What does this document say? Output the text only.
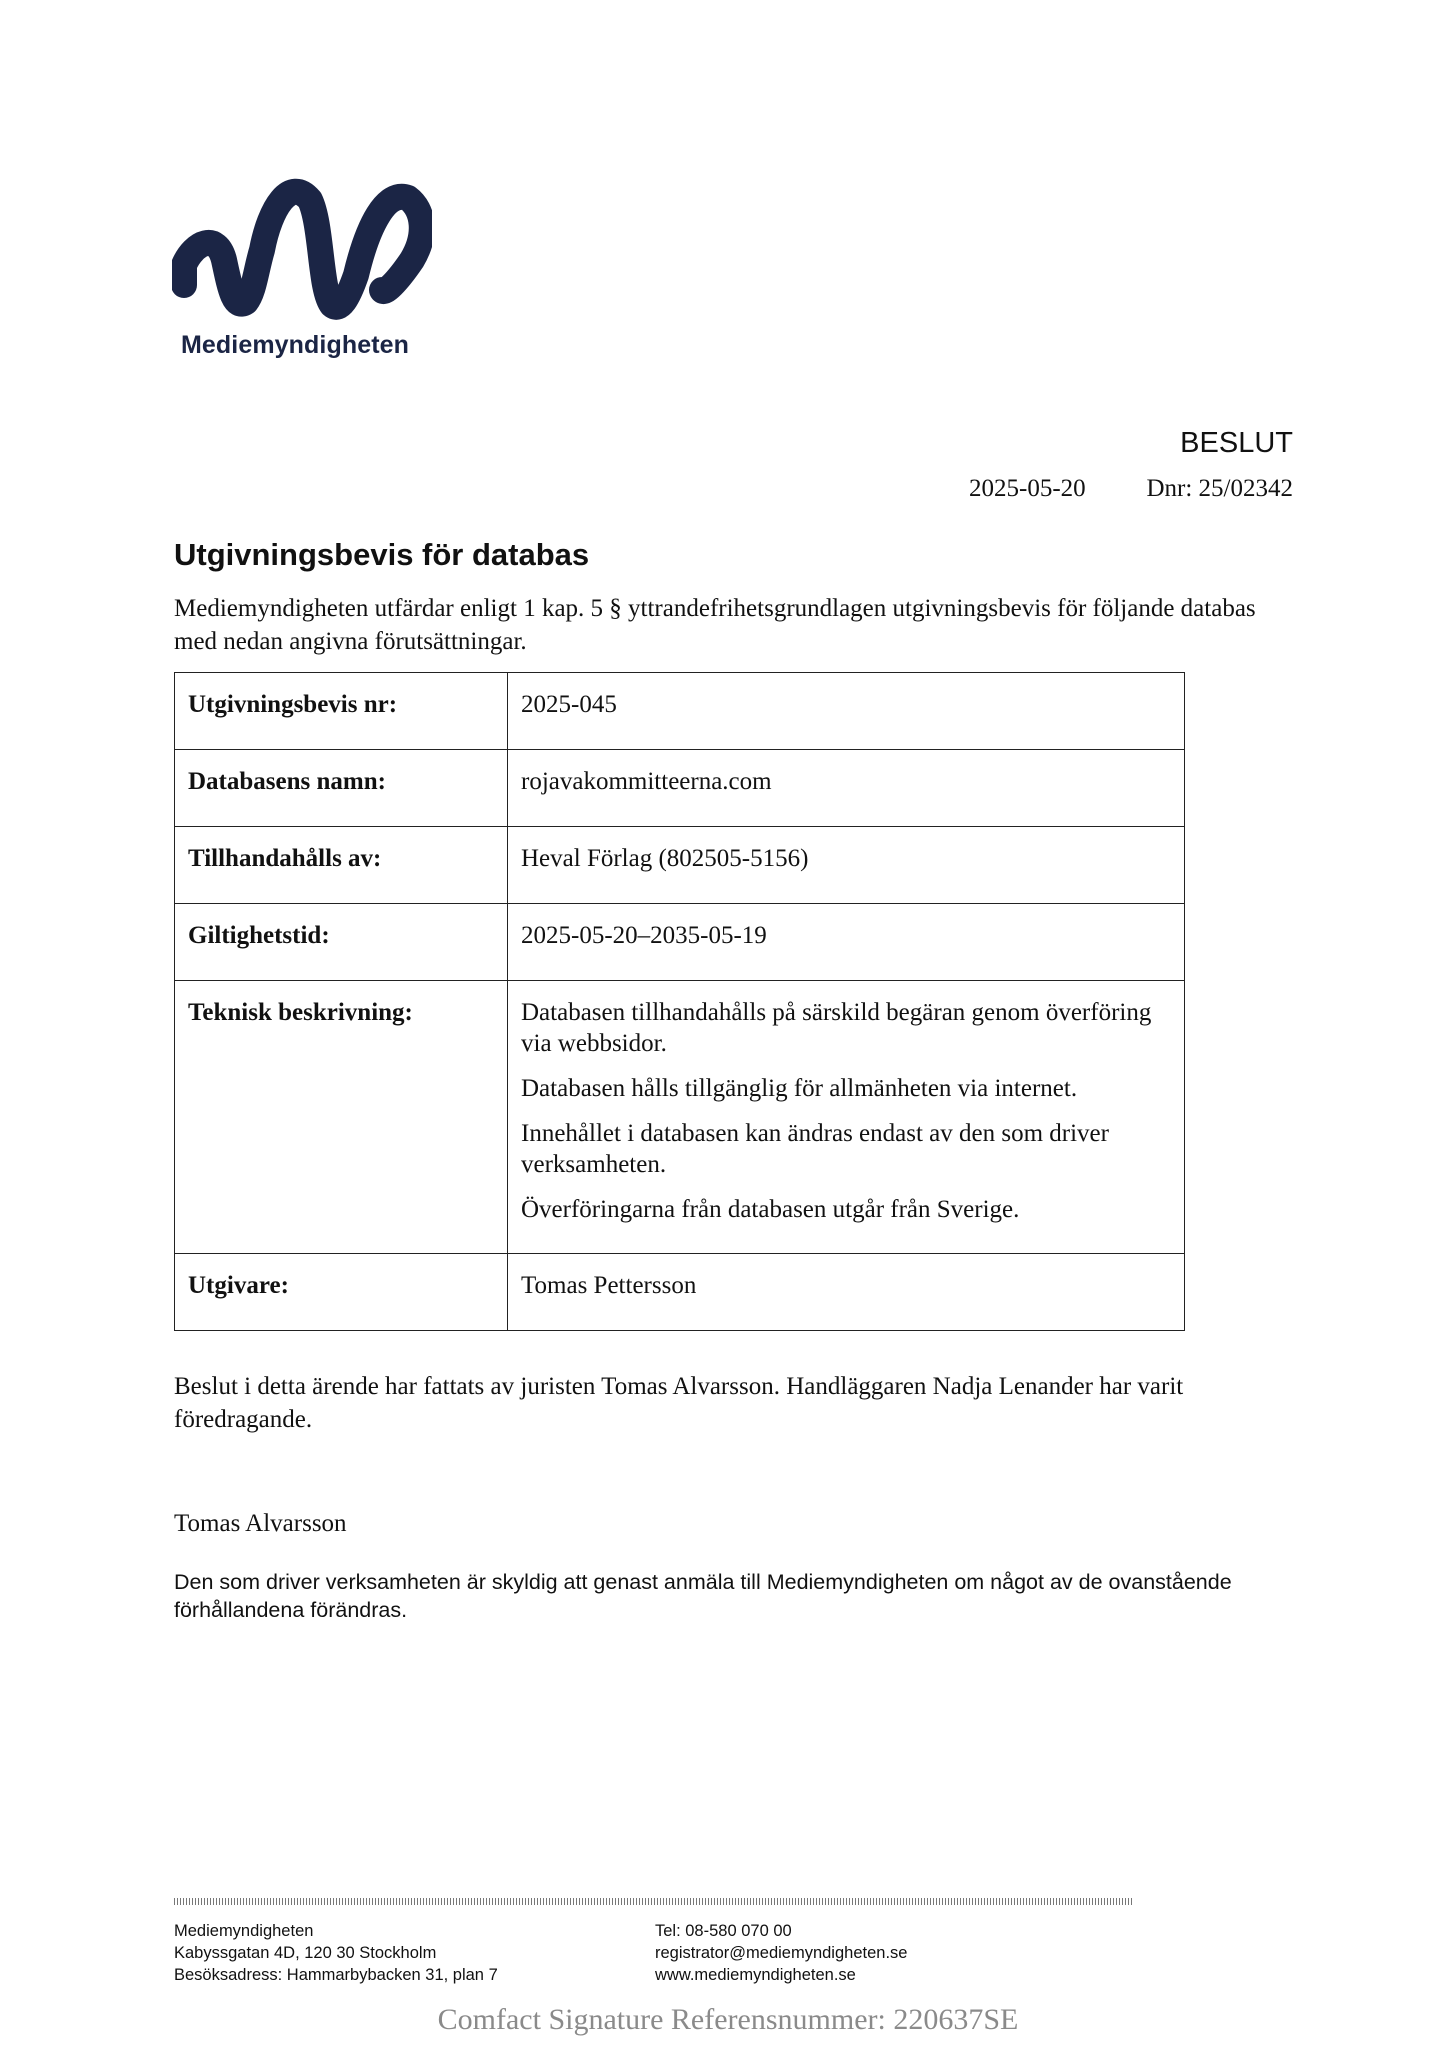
Mediemyndigheten
BESLUT
2025-05-20 Dnr: 25/02342
Utgivningsbevis för databas
Mediemyndigheten utfärdar enligt 1 kap. 5 § yttrandefrihetsgrundlagen utgivningsbevis för följande databas med nedan angivna förutsättningar.
Utgivningsbevis nr:	2025-045
Databasens namn:	rojavakommitteerna.com
Tillhandahålls av:	Heval Förlag (802505-5156)
Giltighetstid:	2025-05-20–2035-05-19
Teknisk beskrivning:	Databasen tillhandahålls på särskild begäran genom överföring via webbsidor.

Databasen hålls tillgänglig för allmänheten via internet.

Innehållet i databasen kan ändras endast av den som driver verksamheten.

Överföringarna från databasen utgår från Sverige.

Utgivare:	Tomas Pettersson
Beslut i detta ärende har fattats av juristen Tomas Alvarsson. Handläggaren Nadja Lenander har varit föredragande.
Tomas Alvarsson
Den som driver verksamheten är skyldig att genast anmäla till Mediemyndigheten om något av de ovanstående förhållandena förändras.
Mediemyndigheten
Kabyssgatan 4D, 120 30 Stockholm
Besöksadress: Hammarbybacken 31, plan 7
Tel: 08-580 070 00
registrator@mediemyndigheten.se
www.mediemyndigheten.se
Comfact Signature Referensnummer: 220637SE
